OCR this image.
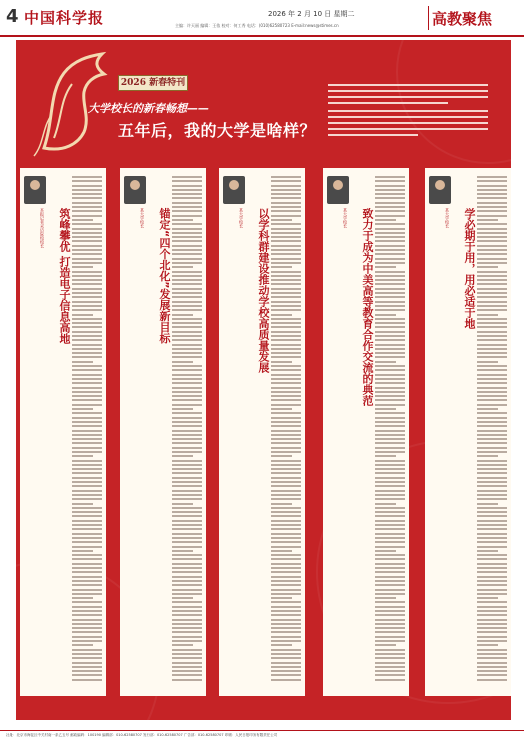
4 中国科学报	2026 年 2 月 10 日 星期二
主编：许天丽 编辑：王依 校对：何工秀 电话：(010)62580723 E-mail:news@stimes.cn	高教聚焦
2026 新春特刊
大学校长的新春畅想——
五年后，我的大学是啥样？
本报记者采访院校校长	筑峰攀优 打造电子信息高地	某大学校长	锚定“四个北化”发展新目标	某大学校长	以学科群建设推动学校高质量发展	某大学校长	致力于成为中美高等教育合作交流的典范	某大学校长	学必期于用，用必适于地
社址：北京市海淀区中关村南一条乙五号 邮政编码：100190 编辑部：010-62580707 发行部：010-62580707 广告部：010-62580707 印刷：人民日报印务有限责任公司
